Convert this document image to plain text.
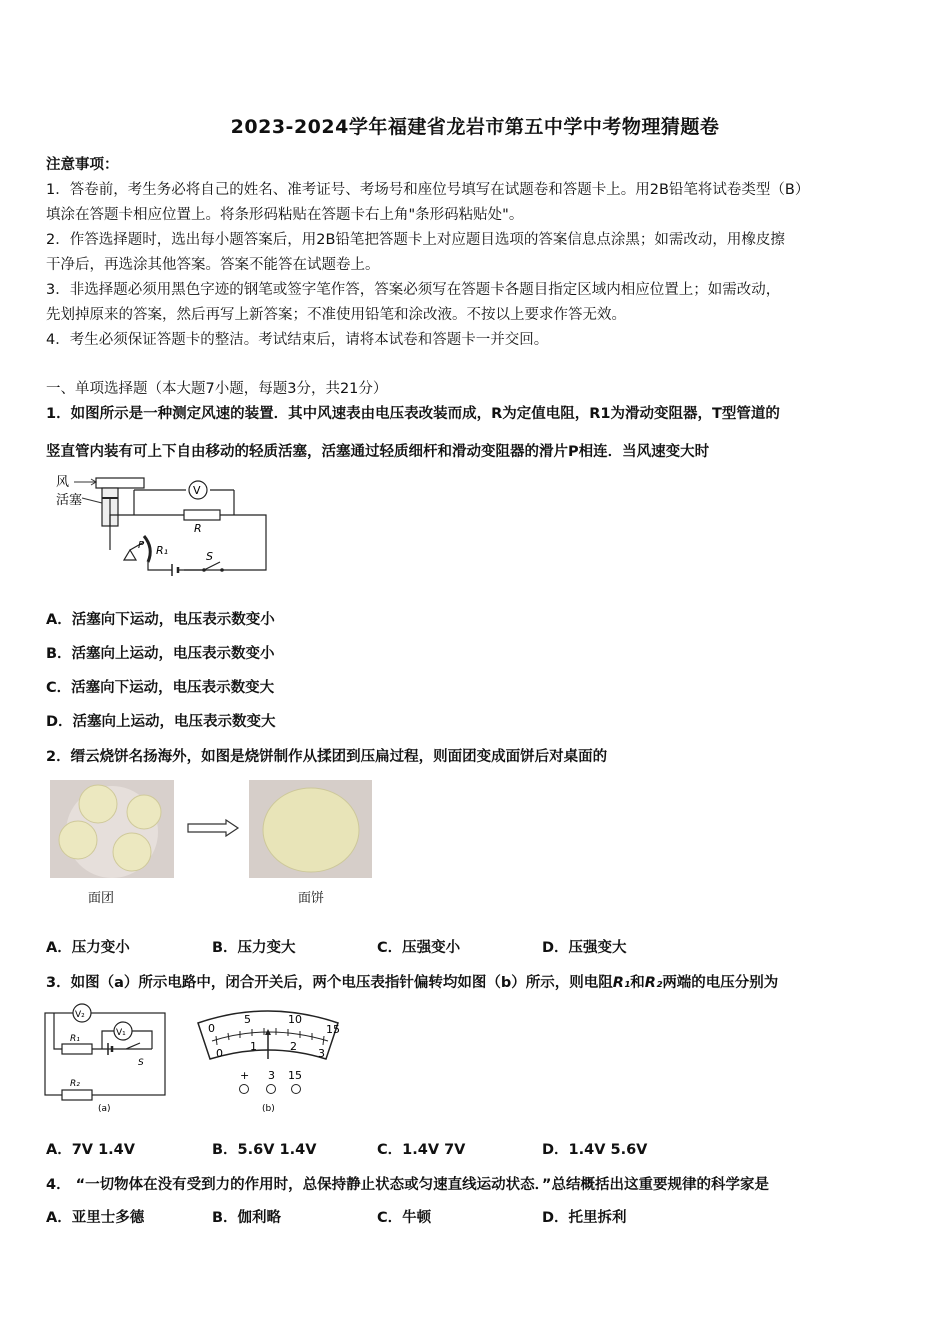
2023-2024学年福建省龙岩市第五中学中考物理猜题卷
注意事项：
1．答卷前，考生务必将自己的姓名、准考证号、考场号和座位号填写在试题卷和答题卡上。用2B铅笔将试卷类型（B）
填涂在答题卡相应位置上。将条形码粘贴在答题卡右上角"条形码粘贴处"。
2．作答选择题时，选出每小题答案后，用2B铅笔把答题卡上对应题目选项的答案信息点涂黑；如需改动，用橡皮擦
干净后，再选涂其他答案。答案不能答在试题卷上。
3．非选择题必须用黑色字迹的钢笔或签字笔作答，答案必须写在答题卡各题目指定区域内相应位置上；如需改动，
先划掉原来的答案，然后再写上新答案；不准使用铅笔和涂改液。不按以上要求作答无效。
4．考生必须保证答题卡的整洁。考试结束后，请将本试卷和答题卡一并交回。
一、单项选择题（本大题7小题，每题3分，共21分）
1．如图所示是一种测定风速的装置．其中风速表由电压表改装而成，R为定值电阻，R1为滑动变阻器，T型管道的
竖直管内装有可上下自由移动的轻质活塞，活塞通过轻质细杆和滑动变阻器的滑片P相连．当风速变大时
风
活塞
V
R
R₁
P
S
A．活塞向下运动，电压表示数变小
B．活塞向上运动，电压表示数变小
C．活塞向下运动，电压表示数变大
D．活塞向上运动，电压表示数变大
2．缙云烧饼名扬海外，如图是烧饼制作从揉团到压扁过程，则面团变成面饼后对桌面的
面团	面饼
A．压力变小	B．压力变大	C．压强变小	D．压强变大
3．如图（a）所示电路中，闭合开关后，两个电压表指针偏转均如图（b）所示，则电阻R₁和R₂两端的电压分别为
V₂
V₁
R₁
S
R₂
(a)
0
5	10
15
0
1	2
3
+ 3 15
(b)
A．7V 1.4V	B．5.6V 1.4V	C．1.4V 7V	D．1.4V 5.6V
4． “一切物体在没有受到力的作用时，总保持静止状态或匀速直线运动状态．”总结概括出这重要规律的科学家是
A．亚里士多德	B．伽利略	C．牛顿	D．托里拆利
